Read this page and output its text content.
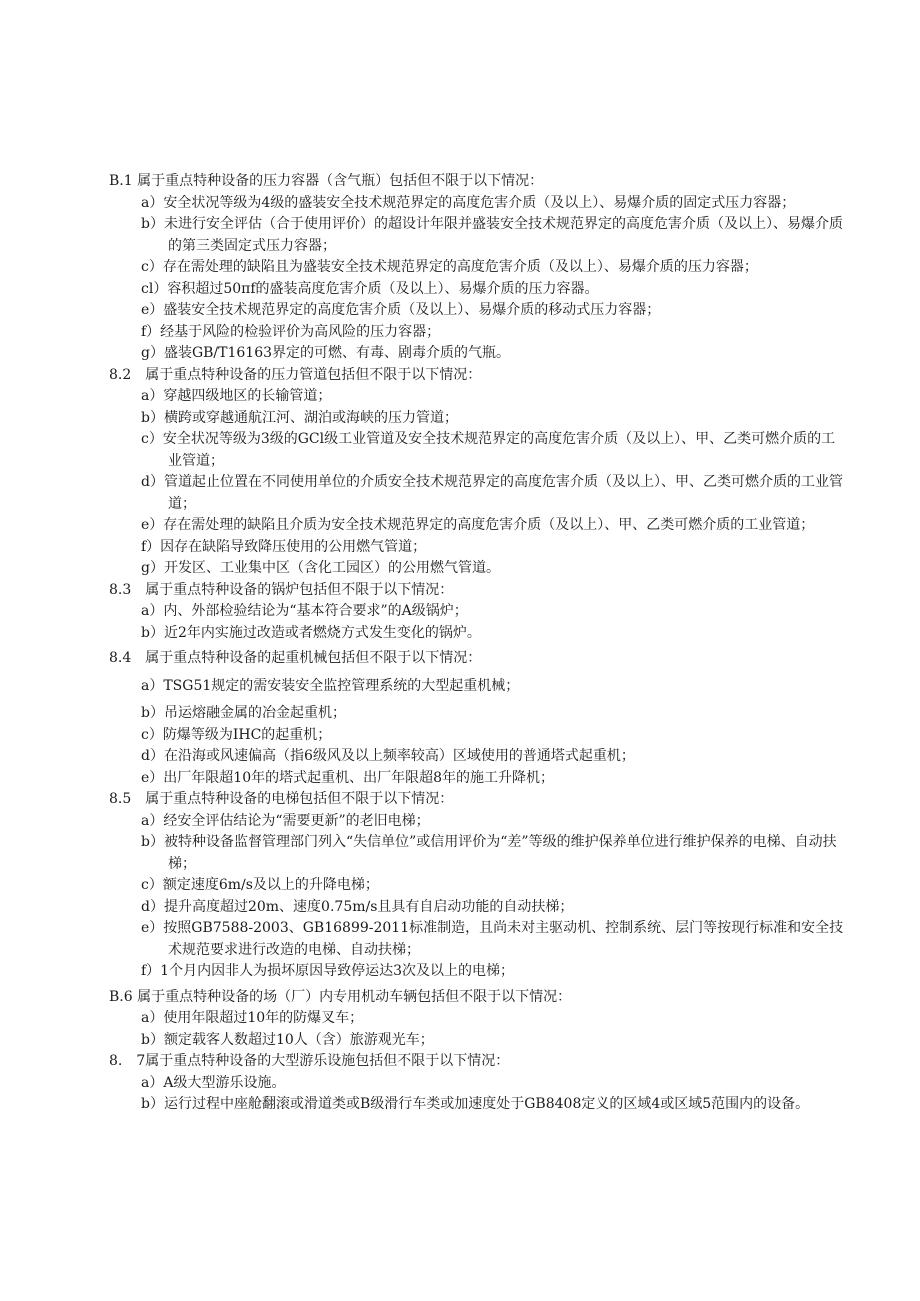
B.1 属于重点特种设备的压力容器（含气瓶）包括但不限于以下情况：
a）安全状况等级为4级的盛装安全技术规范界定的高度危害介质（及以上）、易爆介质的固定式压力容器；
b）未进行安全评估（合于使用评价）的超设计年限并盛装安全技术规范界定的高度危害介质（及以上）、易爆介质的第三类固定式压力容器；
c）存在需处理的缺陷且为盛装安全技术规范界定的高度危害介质（及以上）、易爆介质的压力容器；
cl）容积超过50πf的盛装高度危害介质（及以上）、易爆介质的压力容器。
e）盛装安全技术规范界定的高度危害介质（及以上）、易爆介质的移动式压力容器；
f）经基于风险的检验评价为高风险的压力容器；
g）盛装GB/T16163界定的可燃、有毒、剧毒介质的气瓶。
8.2　属于重点特种设备的压力管道包括但不限于以下情况：
a）穿越四级地区的长输管道；
b）横跨或穿越通航江河、湖泊或海峡的压力管道；
c）安全状况等级为3级的GCl级工业管道及安全技术规范界定的高度危害介质（及以上）、甲、乙类可燃介质的工业管道；
d）管道起止位置在不同使用单位的介质安全技术规范界定的高度危害介质（及以上）、甲、乙类可燃介质的工业管道；
e）存在需处理的缺陷且介质为安全技术规范界定的高度危害介质（及以上）、甲、乙类可燃介质的工业管道；
f）因存在缺陷导致降压使用的公用燃气管道；
g）开发区、工业集中区（含化工园区）的公用燃气管道。
8.3　属于重点特种设备的锅炉包括但不限于以下情况：
a）内、外部检验结论为“基本符合要求”的A级锅炉；
b）近2年内实施过改造或者燃烧方式发生变化的锅炉。
8.4　属于重点特种设备的起重机械包括但不限于以下情况：
a）TSG51规定的需安装安全监控管理系统的大型起重机械；
b）吊运熔融金属的冶金起重机；
c）防爆等级为IHC的起重机；
d）在沿海或风速偏高（指6级风及以上频率较高）区域使用的普通塔式起重机；
e）出厂年限超10年的塔式起重机、出厂年限超8年的施工升降机；
8.5　属于重点特种设备的电梯包括但不限于以下情况：
a）经安全评估结论为“需要更新”的老旧电梯；
b）被特种设备监督管理部门列入“失信单位”或信用评价为“差”等级的维护保养单位进行维护保养的电梯、自动扶梯；
c）额定速度6m∕s及以上的升降电梯；
d）提升高度超过20m、速度0.75m∕s且具有自启动功能的自动扶梯；
e）按照GB7588-2003、GB16899-2011标准制造，且尚未对主驱动机、控制系统、层门等按现行标准和安全技术规范要求进行改造的电梯、自动扶梯；
f）1个月内因非人为损坏原因导致停运达3次及以上的电梯；
B.6 属于重点特种设备的场（厂）内专用机动车辆包括但不限于以下情况：
a）使用年限超过10年的防爆叉车；
b）额定载客人数超过10人（含）旅游观光车；
8.　7属于重点特种设备的大型游乐设施包括但不限于以下情况：
a）A级大型游乐设施。
b）运行过程中座舱翻滚或滑道类或B级滑行车类或加速度处于GB8408定义的区域4或区域5范围内的设备。
